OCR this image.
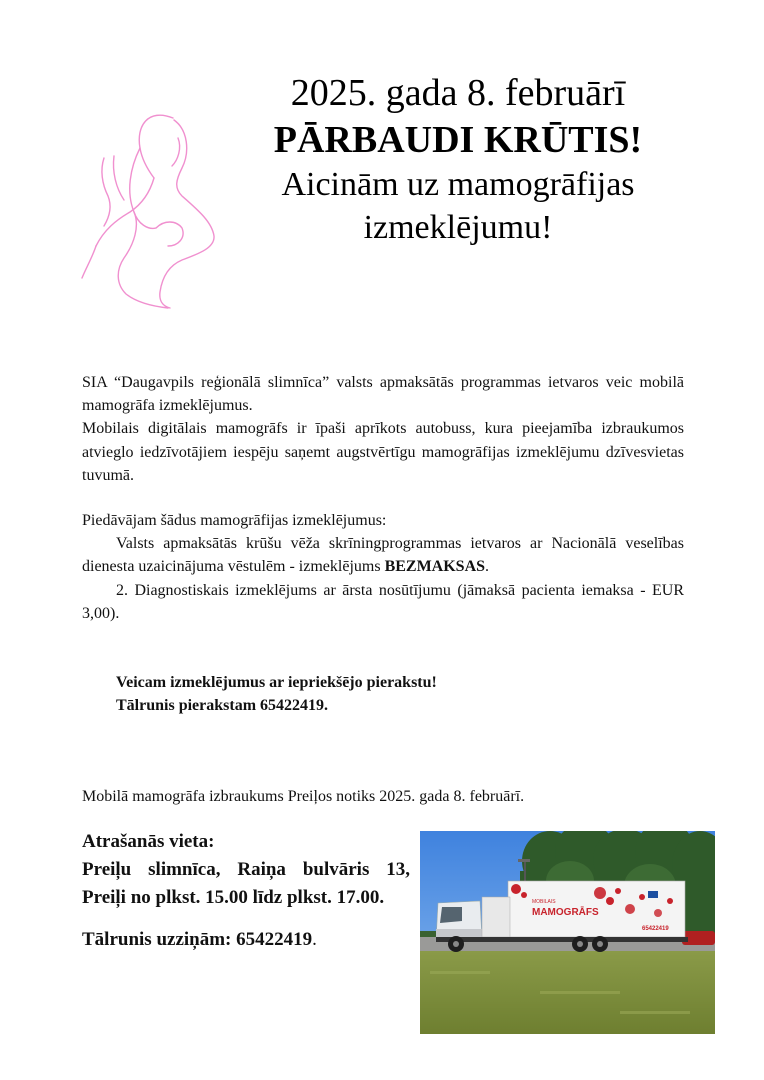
2025. gada 8. februārī
PĀRBAUDI KRŪTIS!
Aicinām uz mamogrāfijas
izmeklējumu!

SIA “Daugavpils reģionālā slimnīca” valsts apmaksātās programmas ietvaros veic mobilā mamogrāfa izmeklējumus.

Mobilais digitālais mamogrāfs ir īpaši aprīkots autobuss, kura pieejamība izbraukumos atvieglo iedzīvotājiem iespēju saņemt augstvērtīgu mamogrāfijas izmeklējumu dzīvesvietas tuvumā.

Piedāvājam šādus mamogrāfijas izmeklējumus:

Valsts apmaksātās krūšu vēža skrīningprogrammas ietvaros ar Nacionālā veselības dienesta uzaicinājuma vēstulēm - izmeklējums BEZMAKSAS.

2. Diagnostiskais izmeklējums ar ārsta nosūtījumu (jāmaksā pacienta iemaksa - EUR 3,00).

Veicam izmeklējumus ar iepriekšējo pierakstu!

Tālrunis pierakstam 65422419.

Mobilā mamogrāfa izbraukums Preiļos notiks 2025. gada 8. februārī.

Atrašanās vieta:

Preiļu slimnīca, Raiņa bulvāris 13, Preiļi no plkst. 15.00 līdz plkst. 17.00.

Tālrunis uzziņām: 65422419.

MOBILAIS
MAMOGRĀFS
65422419
